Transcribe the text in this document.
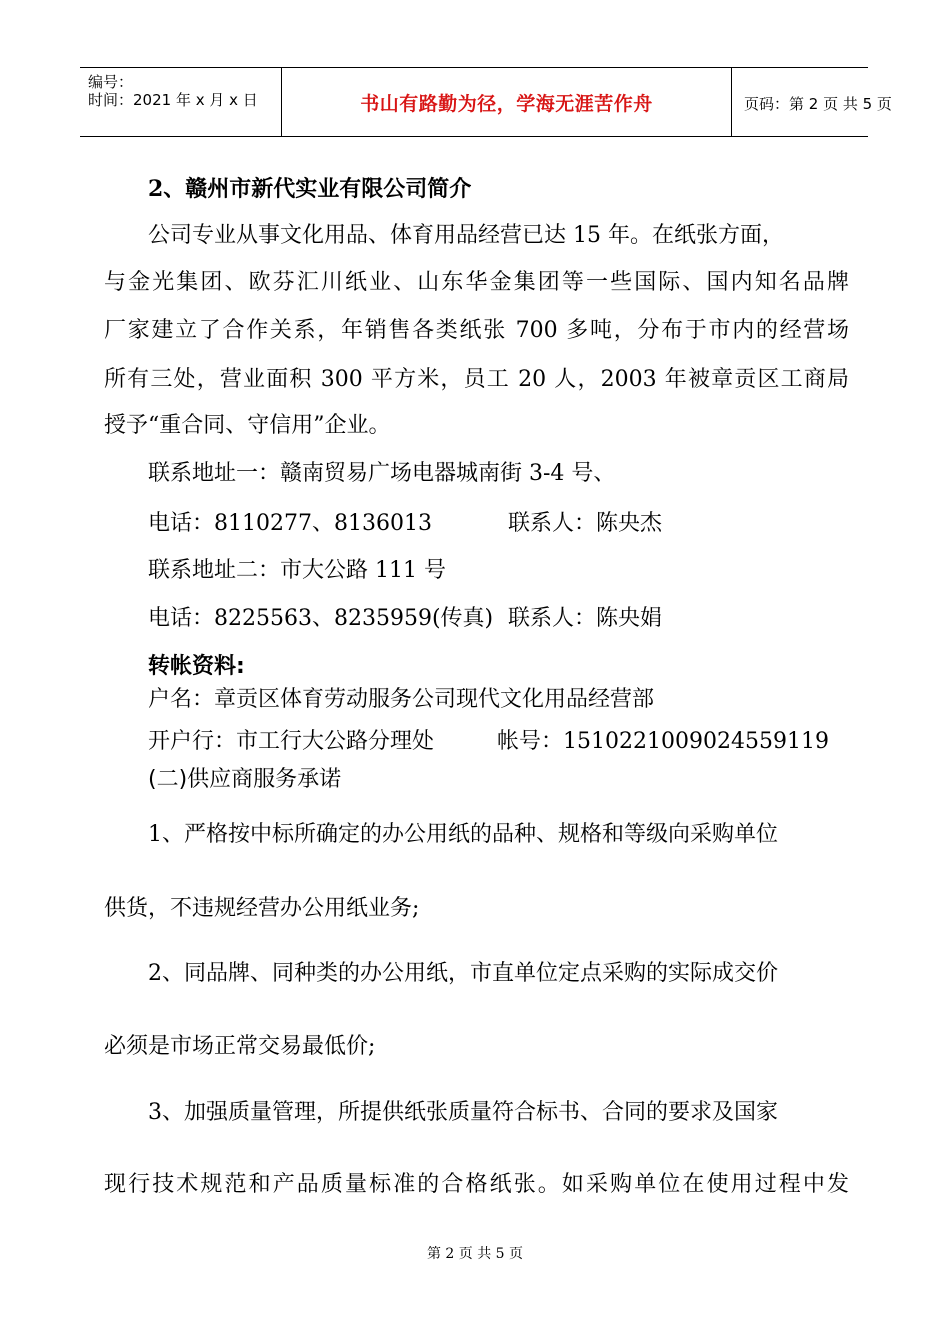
编号：
时间：2021 年 x 月 x 日	书山有路勤为径，学海无涯苦作舟	页码：第 2 页 共 5 页
2、赣州市新代实业有限公司简介
公司专业从事文化用品、体育用品经营已达 15 年。在纸张方面，
与金光集团、欧芬汇川纸业、山东华金集团等一些国际、国内知名品牌
厂家建立了合作关系，年销售各类纸张 700 多吨，分布于市内的经营场
所有三处，营业面积 300 平方米，员工 20 人，2003 年被章贡区工商局
授予“重合同、守信用”企业。
联系地址一：赣南贸易广场电器城南街 3-4 号、
电话：8110277、8136013	联系人：陈央杰
联系地址二：市大公路 111 号
电话：8225563、8235959(传真) 联系人：陈央娟
转帐资料:
户名：章贡区体育劳动服务公司现代文化用品经营部
开户行：市工行大公路分理处	帐号：1510221009024559119
(二)供应商服务承诺
1、严格按中标所确定的办公用纸的品种、规格和等级向采购单位
供货，不违规经营办公用纸业务;
2、同品牌、同种类的办公用纸，市直单位定点采购的实际成交价
必须是市场正常交易最低价;
3、加强质量管理，所提供纸张质量符合标书、合同的要求及国家
现行技术规范和产品质量标准的合格纸张。如采购单位在使用过程中发
第 2 页 共 5 页
